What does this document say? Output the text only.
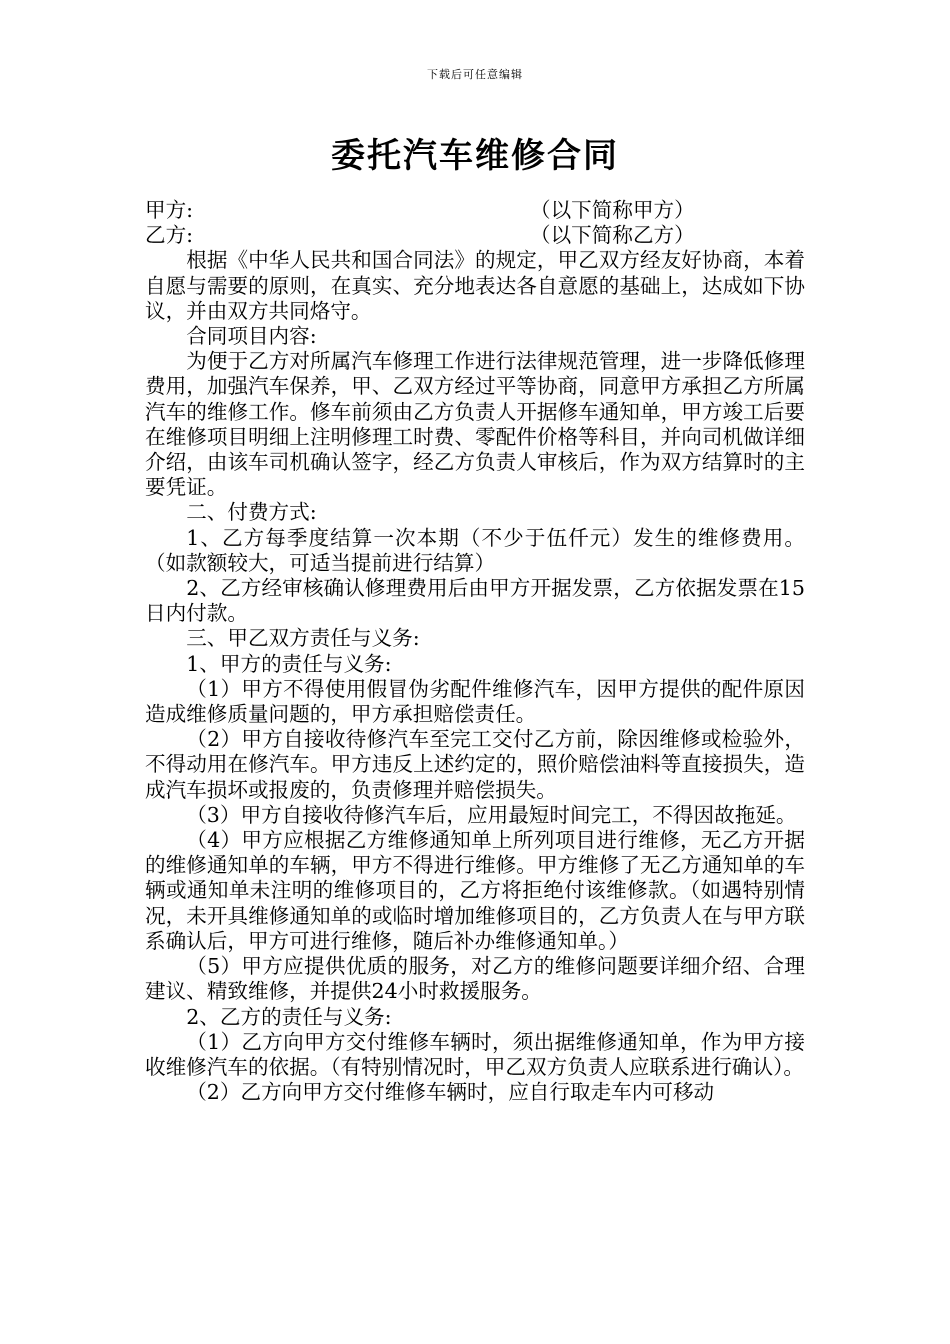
下载后可任意编辑
委托汽车维修合同
甲方:	（以下简称甲方）
乙方:	（以下简称乙方）

根据《中华人民共和国合同法》的规定，甲乙双方经友好协商，本着自愿与需要的原则，在真实、充分地表达各自意愿的基础上，达成如下协议，并由双方共同烙守。

合同项目内容:

为便于乙方对所属汽车修理工作进行法律规范管理，进一步降低修理费用，加强汽车保养，甲、乙双方经过平等协商，同意甲方承担乙方所属汽车的维修工作。修车前须由乙方负责人开据修车通知单，甲方竣工后要在维修项目明细上注明修理工时费、零配件价格等科目，并向司机做详细介绍，由该车司机确认签字，经乙方负责人审核后，作为双方结算时的主要凭证。

二、付费方式:

1、乙方每季度结算一次本期（不少于伍仟元）发生的维修费用。（如款额较大，可适当提前进行结算）

2、乙方经审核确认修理费用后由甲方开据发票，乙方依据发票在15日内付款。

三、甲乙双方责任与义务:

1、甲方的责任与义务:

（1）甲方不得使用假冒伪劣配件维修汽车，因甲方提供的配件原因造成维修质量问题的，甲方承担赔偿责任。

（2）甲方自接收待修汽车至完工交付乙方前，除因维修或检验外，不得动用在修汽车。甲方违反上述约定的，照价赔偿油料等直接损失，造成汽车损坏或报废的，负责修理并赔偿损失。

（3）甲方自接收待修汽车后，应用最短时间完工，不得因故拖延。

（4）甲方应根据乙方维修通知单上所列项目进行维修，无乙方开据的维修通知单的车辆，甲方不得进行维修。甲方维修了无乙方通知单的车辆或通知单未注明的维修项目的，乙方将拒绝付该维修款。（如遇特别情况，未开具维修通知单的或临时增加维修项目的，乙方负责人在与甲方联系确认后，甲方可进行维修，随后补办维修通知单。）

（5）甲方应提供优质的服务，对乙方的维修问题要详细介绍、合理建议、精致维修，并提供24小时救援服务。

2、乙方的责任与义务:

（1）乙方向甲方交付维修车辆时，须出据维修通知单，作为甲方接收维修汽车的依据。（有特别情况时，甲乙双方负责人应联系进行确认）。

（2）乙方向甲方交付维修车辆时，应自行取走车内可移动
